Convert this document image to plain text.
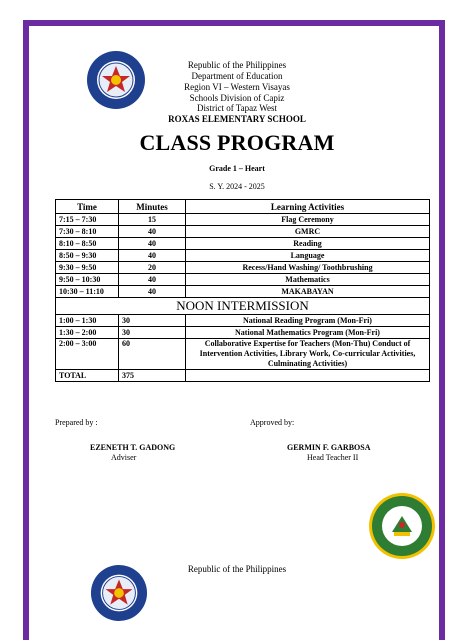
Republic of the Philippines
Department of Education
Region VI – Western Visayas
Schools Division of Capiz
District of Tapaz West
ROXAS ELEMENTARY SCHOOL
CLASS PROGRAM
Grade 1 – Heart
S. Y. 2024 - 2025
Time	Minutes	Learning Activities
7:15 – 7:30	15	Flag Ceremony
7:30 – 8:10	40	GMRC
8:10 – 8:50	40	Reading
8:50 – 9:30	40	Language
9:30 – 9:50	20	Recess/Hand Washing/ Toothbrushing
9:50 – 10:30	40	Mathematics
10:30 – 11:10	40	MAKABAYAN
NOON INTERMISSION		
1:00 – 1:30	30	National Reading Program (Mon-Fri)
1:30 – 2:00	30	National Mathematics Program (Mon-Fri)
2:00 – 3:00	60	Collaborative Expertise for Teachers (Mon-Thu) Conduct of Intervention Activities, Library Work, Co-curricular Activities, Culminating Activities)
TOTAL	375	
Prepared by :	Approved by:
EZENETH T. GADONG
Adviser
GERMIN F. GARBOSA
Head Teacher II
Republic of the Philippines
